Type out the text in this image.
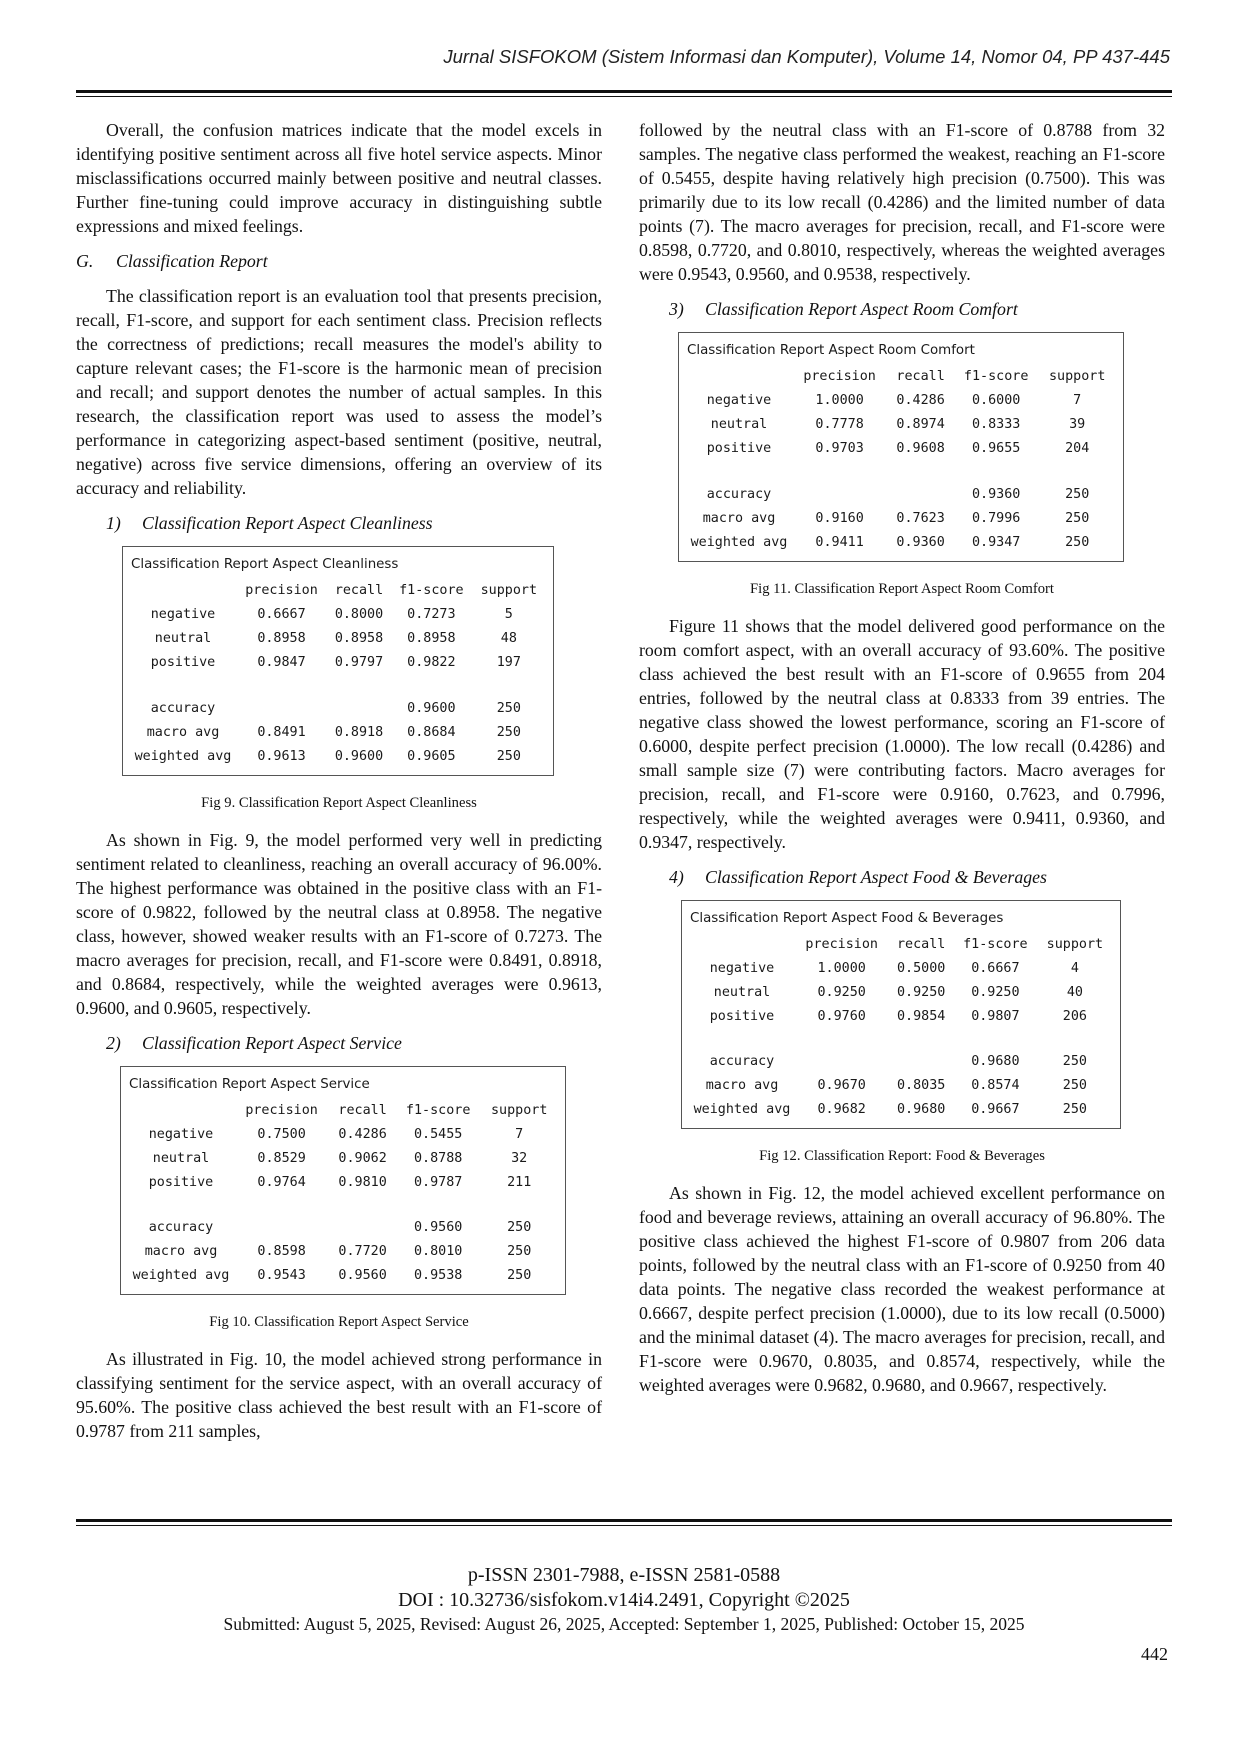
Jurnal SISFOKOM (Sistem Informasi dan Komputer), Volume 14, Nomor 04, PP 437-445

Overall, the confusion matrices indicate that the model excels in identifying positive sentiment across all five hotel service aspects. Minor misclassifications occurred mainly between positive and neutral classes. Further fine-tuning could improve accuracy in distinguishing subtle expressions and mixed feelings.

G. Classification Report

The classification report is an evaluation tool that presents precision, recall, F1-score, and support for each sentiment class. Precision reflects the correctness of predictions; recall measures the model's ability to capture relevant cases; the F1-score is the harmonic mean of precision and recall; and support denotes the number of actual samples. In this research, the classification report was used to assess the model’s performance in categorizing aspect-based sentiment (positive, neutral, negative) across five service dimensions, offering an overview of its accuracy and reliability.

1) Classification Report Aspect Cleanliness
Classification Report Aspect Cleanliness
	precision	recall	f1-score	support
negative	0.6667	0.8000	0.7273	5
neutral	0.8958	0.8958	0.8958	48
positive	0.9847	0.9797	0.9822	197

accuracy			0.9600	250
macro avg	0.8491	0.8918	0.8684	250
weighted avg	0.9613	0.9600	0.9605	250
Fig 9. Classification Report Aspect Cleanliness

As shown in Fig. 9, the model performed very well in predicting sentiment related to cleanliness, reaching an overall accuracy of 96.00%. The highest performance was obtained in the positive class with an F1-score of 0.9822, followed by the neutral class at 0.8958. The negative class, however, showed weaker results with an F1-score of 0.7273. The macro averages for precision, recall, and F1-score were 0.8491, 0.8918, and 0.8684, respectively, while the weighted averages were 0.9613, 0.9600, and 0.9605, respectively.

2) Classification Report Aspect Service
Classification Report Aspect Service
	precision	recall	f1-score	support
negative	0.7500	0.4286	0.5455	7
neutral	0.8529	0.9062	0.8788	32
positive	0.9764	0.9810	0.9787	211

accuracy			0.9560	250
macro avg	0.8598	0.7720	0.8010	250
weighted avg	0.9543	0.9560	0.9538	250
Fig 10. Classification Report Aspect Service

As illustrated in Fig. 10, the model achieved strong performance in classifying sentiment for the service aspect, with an overall accuracy of 95.60%. The positive class achieved the best result with an F1-score of 0.9787 from 211 samples,

followed by the neutral class with an F1-score of 0.8788 from 32 samples. The negative class performed the weakest, reaching an F1-score of 0.5455, despite having relatively high precision (0.7500). This was primarily due to its low recall (0.4286) and the limited number of data points (7). The macro averages for precision, recall, and F1-score were 0.8598, 0.7720, and 0.8010, respectively, whereas the weighted averages were 0.9543, 0.9560, and 0.9538, respectively.

3) Classification Report Aspect Room Comfort
Classification Report Aspect Room Comfort
	precision	recall	f1-score	support
negative	1.0000	0.4286	0.6000	7
neutral	0.7778	0.8974	0.8333	39
positive	0.9703	0.9608	0.9655	204

accuracy			0.9360	250
macro avg	0.9160	0.7623	0.7996	250
weighted avg	0.9411	0.9360	0.9347	250
Fig 11. Classification Report Aspect Room Comfort

Figure 11 shows that the model delivered good performance on the room comfort aspect, with an overall accuracy of 93.60%. The positive class achieved the best result with an F1-score of 0.9655 from 204 entries, followed by the neutral class at 0.8333 from 39 entries. The negative class showed the lowest performance, scoring an F1-score of 0.6000, despite perfect precision (1.0000). The low recall (0.4286) and small sample size (7) were contributing factors. Macro averages for precision, recall, and F1-score were 0.9160, 0.7623, and 0.7996, respectively, while the weighted averages were 0.9411, 0.9360, and 0.9347, respectively.

4) Classification Report Aspect Food & Beverages
Classification Report Aspect Food & Beverages
	precision	recall	f1-score	support
negative	1.0000	0.5000	0.6667	4
neutral	0.9250	0.9250	0.9250	40
positive	0.9760	0.9854	0.9807	206

accuracy			0.9680	250
macro avg	0.9670	0.8035	0.8574	250
weighted avg	0.9682	0.9680	0.9667	250
Fig 12. Classification Report: Food & Beverages

As shown in Fig. 12, the model achieved excellent performance on food and beverage reviews, attaining an overall accuracy of 96.80%. The positive class achieved the highest F1-score of 0.9807 from 206 data points, followed by the neutral class with an F1-score of 0.9250 from 40 data points. The negative class recorded the weakest performance at 0.6667, despite perfect precision (1.0000), due to its low recall (0.5000) and the minimal dataset (4). The macro averages for precision, recall, and F1-score were 0.9670, 0.8035, and 0.8574, respectively, while the weighted averages were 0.9682, 0.9680, and 0.9667, respectively.

p-ISSN 2301-7988, e-ISSN 2581-0588
DOI : 10.32736/sisfokom.v14i4.2491, Copyright ©2025
Submitted: August 5, 2025, Revised: August 26, 2025, Accepted: September 1, 2025, Published: October 15, 2025
442
